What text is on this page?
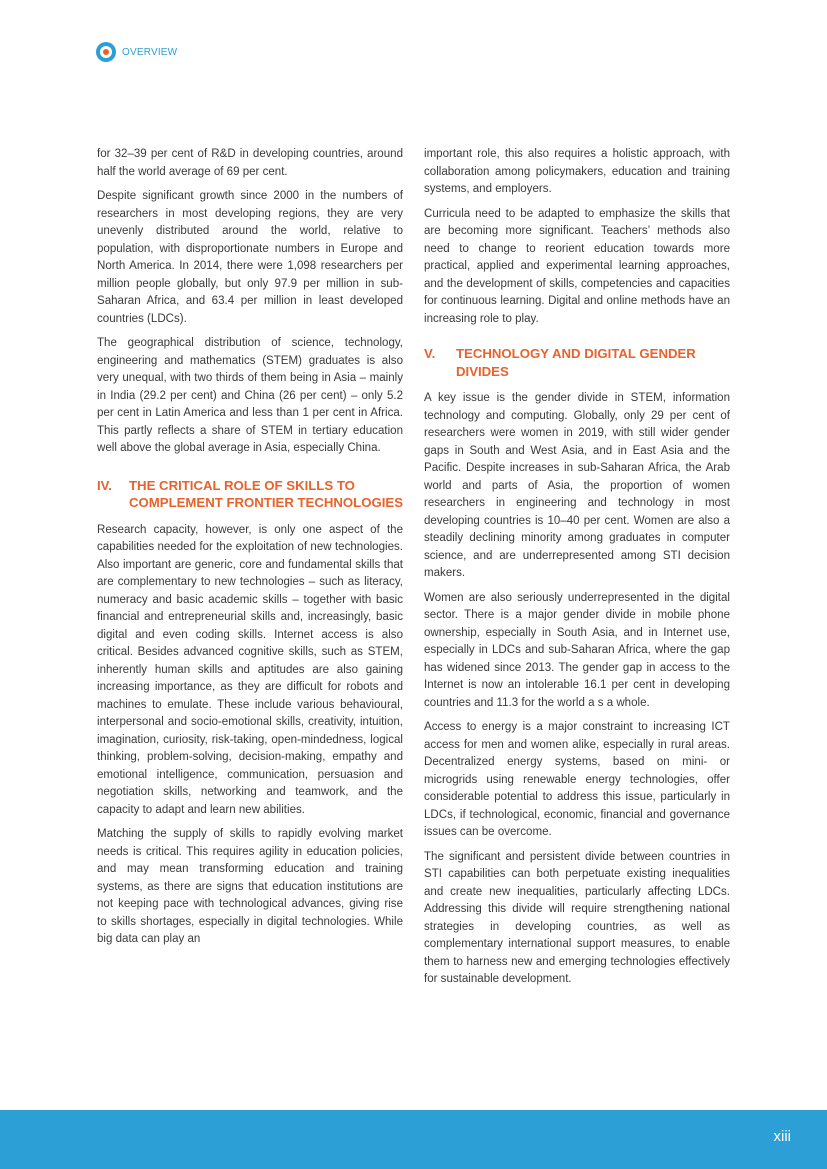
OVERVIEW

for 32–39 per cent of R&D in developing countries, around half the world average of 69 per cent.

Despite significant growth since 2000 in the numbers of researchers in most developing regions, they are very unevenly distributed around the world, relative to population, with disproportionate numbers in Europe and North America. In 2014, there were 1,098 researchers per million people globally, but only 97.9 per million in sub-Saharan Africa, and 63.4 per million in least developed countries (LDCs).

The geographical distribution of science, technology, engineering and mathematics (STEM) graduates is also very unequal, with two thirds of them being in Asia – mainly in India (29.2 per cent) and China (26 per cent) – only 5.2 per cent in Latin America and less than 1 per cent in Africa. This partly reflects a share of STEM in tertiary education well above the global average in Asia, especially China.

IV.	THE CRITICAL ROLE OF SKILLS TO COMPLEMENT FRONTIER TECHNOLOGIES

Research capacity, however, is only one aspect of the capabilities needed for the exploitation of new technologies. Also important are generic, core and fundamental skills that are complementary to new technologies – such as literacy, numeracy and basic academic skills – together with basic financial and entrepreneurial skills and, increasingly, basic digital and even coding skills. Internet access is also critical. Besides advanced cognitive skills, such as STEM, inherently human skills and aptitudes are also gaining increasing importance, as they are difficult for robots and machines to emulate. These include various behavioural, interpersonal and socio-emotional skills, creativity, intuition, imagination, curiosity, risk-taking, open-mindedness, logical thinking, problem-solving, decision-making, empathy and emotional intelligence, communication, persuasion and negotiation skills, networking and teamwork, and the capacity to adapt and learn new abilities.

Matching the supply of skills to rapidly evolving market needs is critical. This requires agility in education policies, and may mean transforming education and training systems, as there are signs that education institutions are not keeping pace with technological advances, giving rise to skills shortages, especially in digital technologies. While big data can play an

important role, this also requires a holistic approach, with collaboration among policymakers, education and training systems, and employers.

Curricula need to be adapted to emphasize the skills that are becoming more significant. Teachers’ methods also need to change to reorient education towards more practical, applied and experimental learning approaches, and the development of skills, competencies and capacities for continuous learning. Digital and online methods have an increasing role to play.

V.	TECHNOLOGY AND DIGITAL GENDER DIVIDES

A key issue is the gender divide in STEM, information technology and computing. Globally, only 29 per cent of researchers were women in 2019, with still wider gender gaps in South and West Asia, and in East Asia and the Pacific. Despite increases in sub-Saharan Africa, the Arab world and parts of Asia, the proportion of women researchers in engineering and technology in most developing countries is 10–40 per cent. Women are also a steadily declining minority among graduates in computer science, and are underrepresented among STI decision makers.

Women are also seriously underrepresented in the digital sector. There is a major gender divide in mobile phone ownership, especially in South Asia, and in Internet use, especially in LDCs and sub-Saharan Africa, where the gap has widened since 2013. The gender gap in access to the Internet is now an intolerable 16.1 per cent in developing countries and 11.3 for the world a s a whole.

Access to energy is a major constraint to increasing ICT access for men and women alike, especially in rural areas. Decentralized energy systems, based on mini- or microgrids using renewable energy technologies, offer considerable potential to address this issue, particularly in LDCs, if technological, economic, financial and governance issues can be overcome.

The significant and persistent divide between countries in STI capabilities can both perpetuate existing inequalities and create new inequalities, particularly affecting LDCs. Addressing this divide will require strengthening national strategies in developing countries, as well as complementary international support measures, to enable them to harness new and emerging technologies effectively for sustainable development.

xiii
